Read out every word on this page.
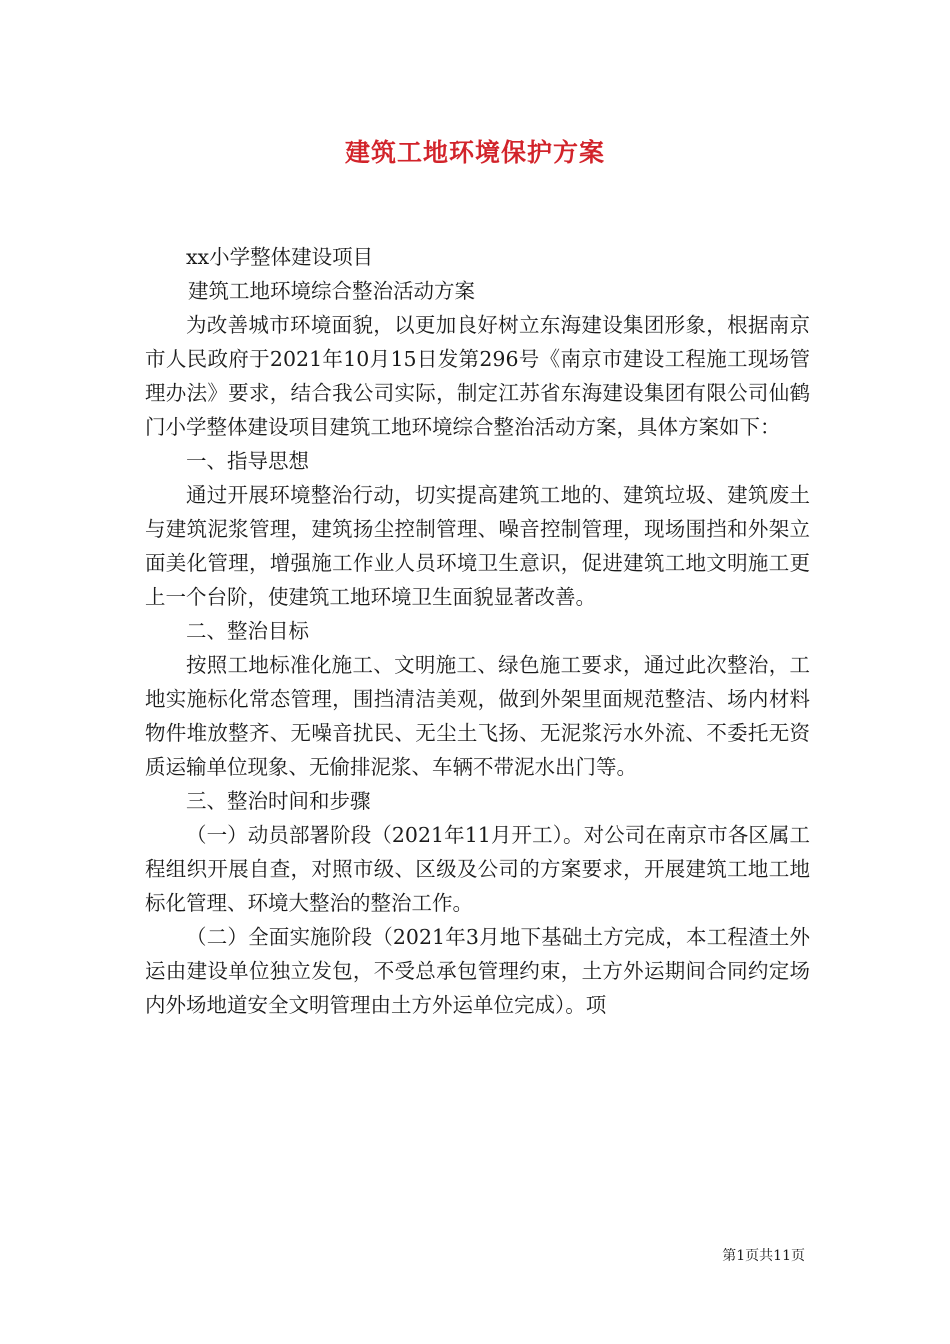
建筑工地环境保护方案

xx小学整体建设项目

建筑工地环境综合整治活动方案

为改善城市环境面貌，以更加良好树立东海建设集团形象，根据南京市人民政府于2021年10月15日发第296号《南京市建设工程施工现场管理办法》要求，结合我公司实际，制定江苏省东海建设集团有限公司仙鹤门小学整体建设项目建筑工地环境综合整治活动方案，具体方案如下：

一、指导思想

通过开展环境整治行动，切实提高建筑工地的、建筑垃圾、建筑废土与建筑泥浆管理，建筑扬尘控制管理、噪音控制管理，现场围挡和外架立面美化管理，增强施工作业人员环境卫生意识，促进建筑工地文明施工更上一个台阶，使建筑工地环境卫生面貌显著改善。

二、整治目标

按照工地标准化施工、文明施工、绿色施工要求，通过此次整治，工地实施标化常态管理，围挡清洁美观，做到外架里面规范整洁、场内材料物件堆放整齐、无噪音扰民、无尘土飞扬、无泥浆污水外流、不委托无资质运输单位现象、无偷排泥浆、车辆不带泥水出门等。

三、整治时间和步骤

（一）动员部署阶段（2021年11月开工）。对公司在南京市各区属工程组织开展自查，对照市级、区级及公司的方案要求，开展建筑工地工地标化管理、环境大整治的整治工作。

（二）全面实施阶段（2021年3月地下基础土方完成，本工程渣土外运由建设单位独立发包，不受总承包管理约束，土方外运期间合同约定场内外场地道安全文明管理由土方外运单位完成）。项

第1页共11页
